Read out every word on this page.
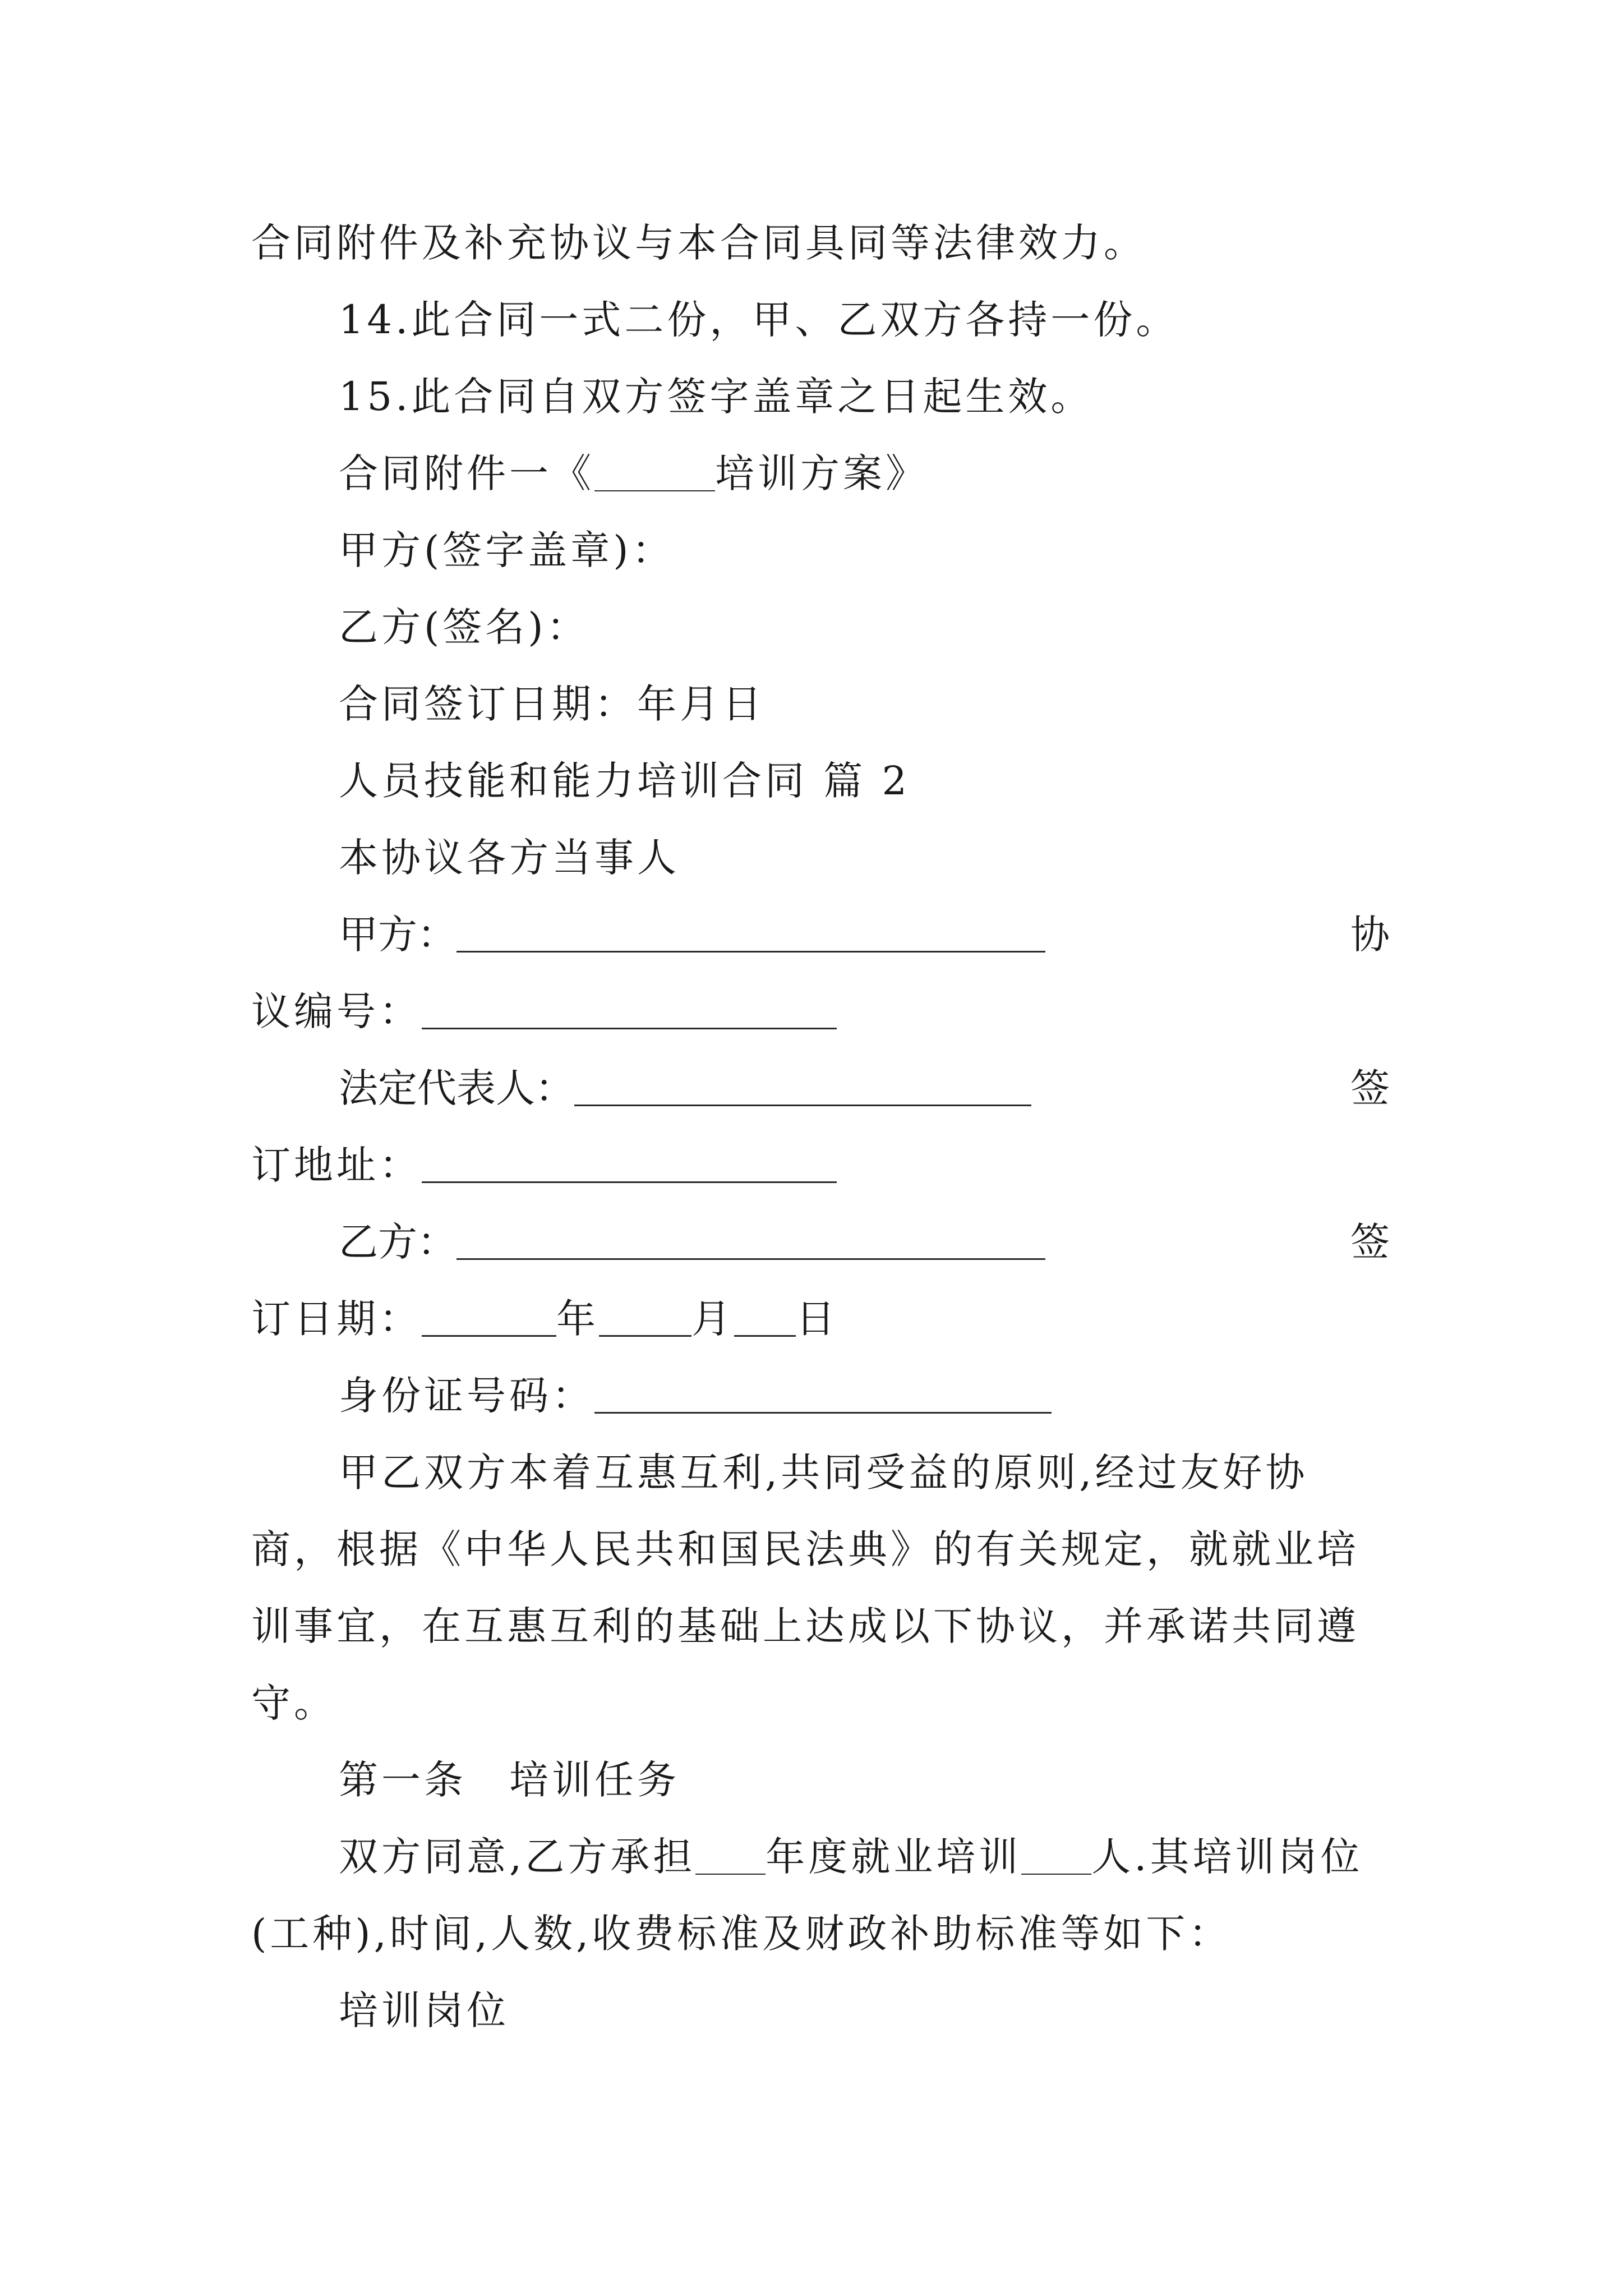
合同附件及补充协议与本合同具同等法律效力。
14.此合同一式二份，甲、乙双方各持一份。
15.此合同自双方签字盖章之日起生效。
合同附件一《	培训方案》
甲方(签字盖章)：
乙方(签名)：
合同签订日期：年月日
人员技能和能力培训合同 篇 2
本协议各方当事人
甲方：	协
议编号：
法定代表人：	签
订地址：
乙方：	签
订日期：	年 月 日
身份证号码：
甲乙双方本着互惠互利,共同受益的原则,经过友好协
商，根据《中华人民共和国民法典》的有关规定，就就业培
训事宜，在互惠互利的基础上达成以下协议，并承诺共同遵
守。
第一条　培训任务
双方同意,乙方承担 年度就业培训 人.其培训岗位
(工种),时间,人数,收费标准及财政补助标准等如下：
培训岗位
